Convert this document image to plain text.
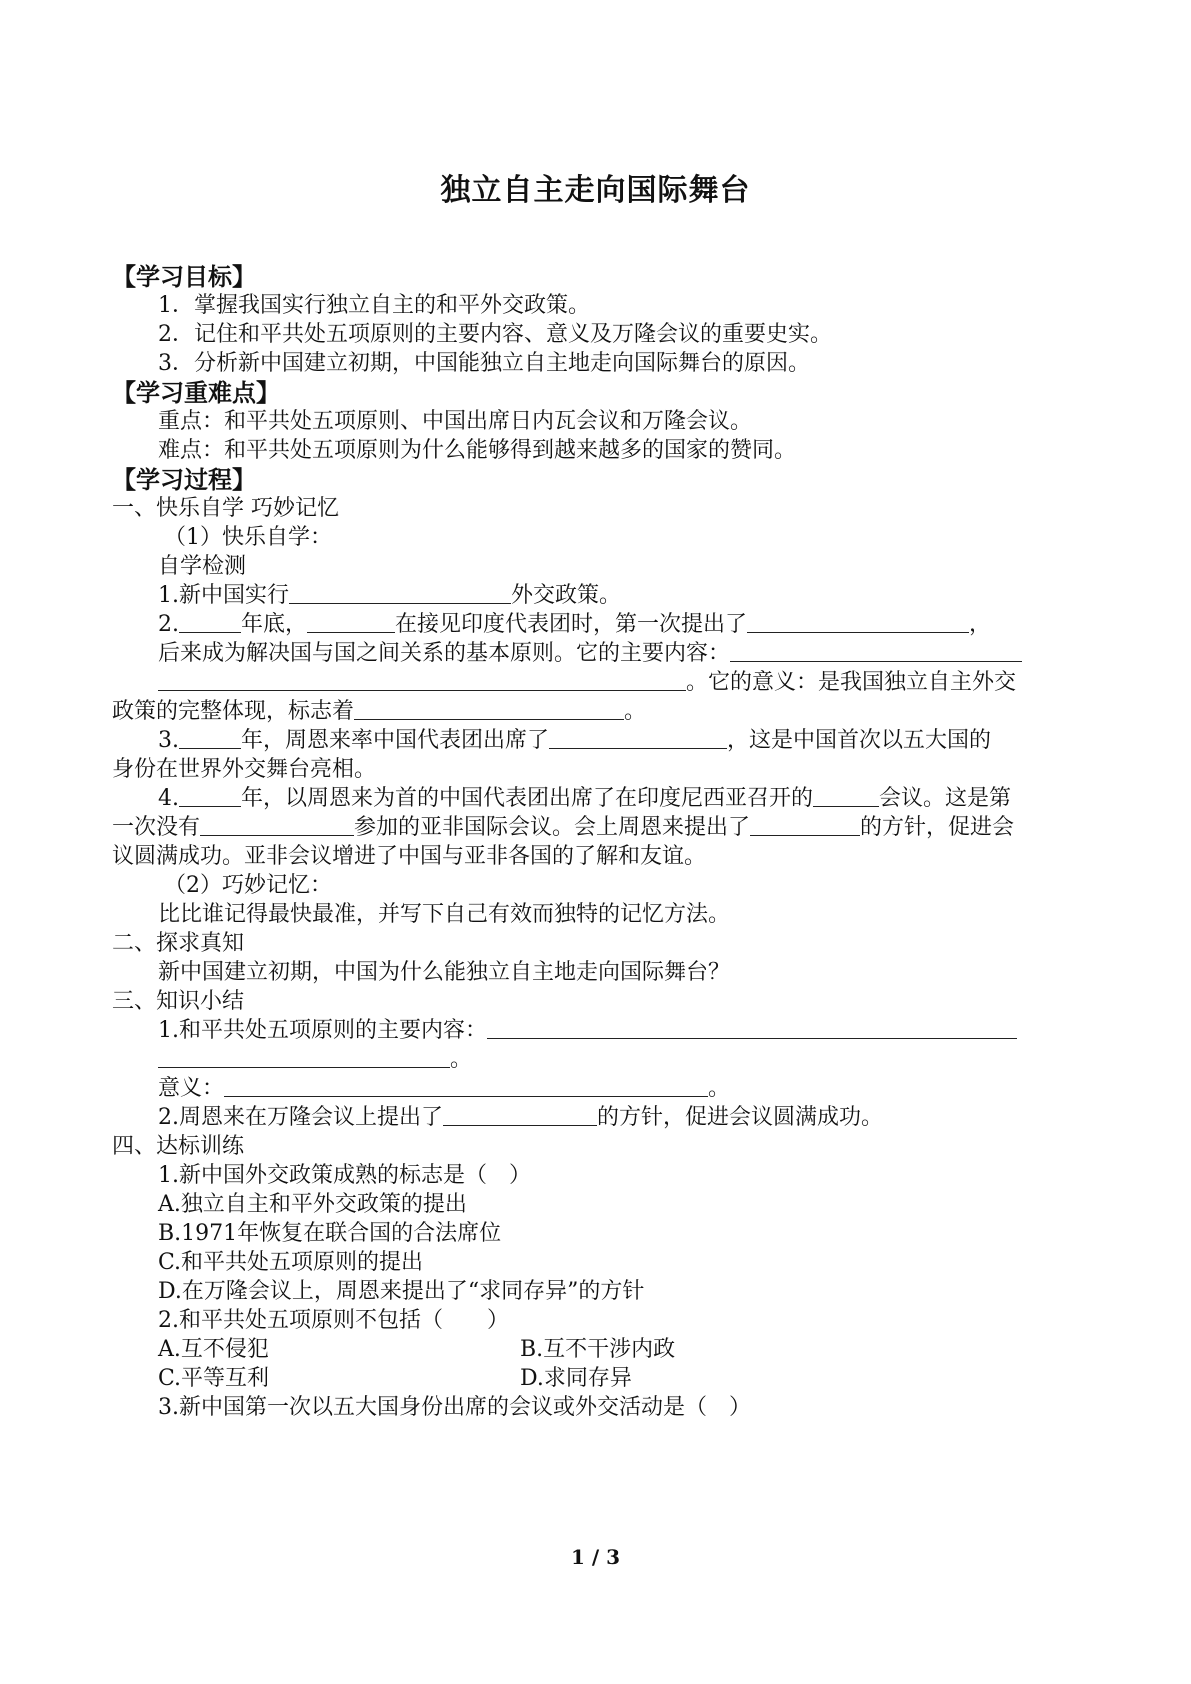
独立自主走向国际舞台
【学习目标】
1．掌握我国实行独立自主的和平外交政策。
2．记住和平共处五项原则的主要内容、意义及万隆会议的重要史实。
3．分析新中国建立初期，中国能独立自主地走向国际舞台的原因。
【学习重难点】
重点：和平共处五项原则、中国出席日内瓦会议和万隆会议。
难点：和平共处五项原则为什么能够得到越来越多的国家的赞同。
【学习过程】
一、快乐自学 巧妙记忆
（1）快乐自学：
自学检测
1.新中国实行	外交政策。
2.	年底，	在接见印度代表团时，第一次提出了	，
后来成为解决国与国之间关系的基本原则。它的主要内容：
。它的意义：是我国独立自主外交
政策的完整体现，标志着	。
3.	年，周恩来率中国代表团出席了	，这是中国首次以五大国的
身份在世界外交舞台亮相。
4.	年，以周恩来为首的中国代表团出席了在印度尼西亚召开的	会议。这是第
一次没有	参加的亚非国际会议。会上周恩来提出了	的方针，促进会
议圆满成功。亚非会议增进了中国与亚非各国的了解和友谊。
（2）巧妙记忆：
比比谁记得最快最准，并写下自己有效而独特的记忆方法。
二、探求真知
新中国建立初期，中国为什么能独立自主地走向国际舞台？
三、知识小结
1.和平共处五项原则的主要内容：
。
意义：	。
2.周恩来在万隆会议上提出了	的方针，促进会议圆满成功。
四、达标训练
1.新中国外交政策成熟的标志是（　）
A.独立自主和平外交政策的提出
B.1971年恢复在联合国的合法席位
C.和平共处五项原则的提出
D.在万隆会议上，周恩来提出了“求同存异”的方针
2.和平共处五项原则不包括（　　）
A.互不侵犯	B.互不干涉内政
C.平等互利	D.求同存异
3.新中国第一次以五大国身份出席的会议或外交活动是（　）
1 / 3
